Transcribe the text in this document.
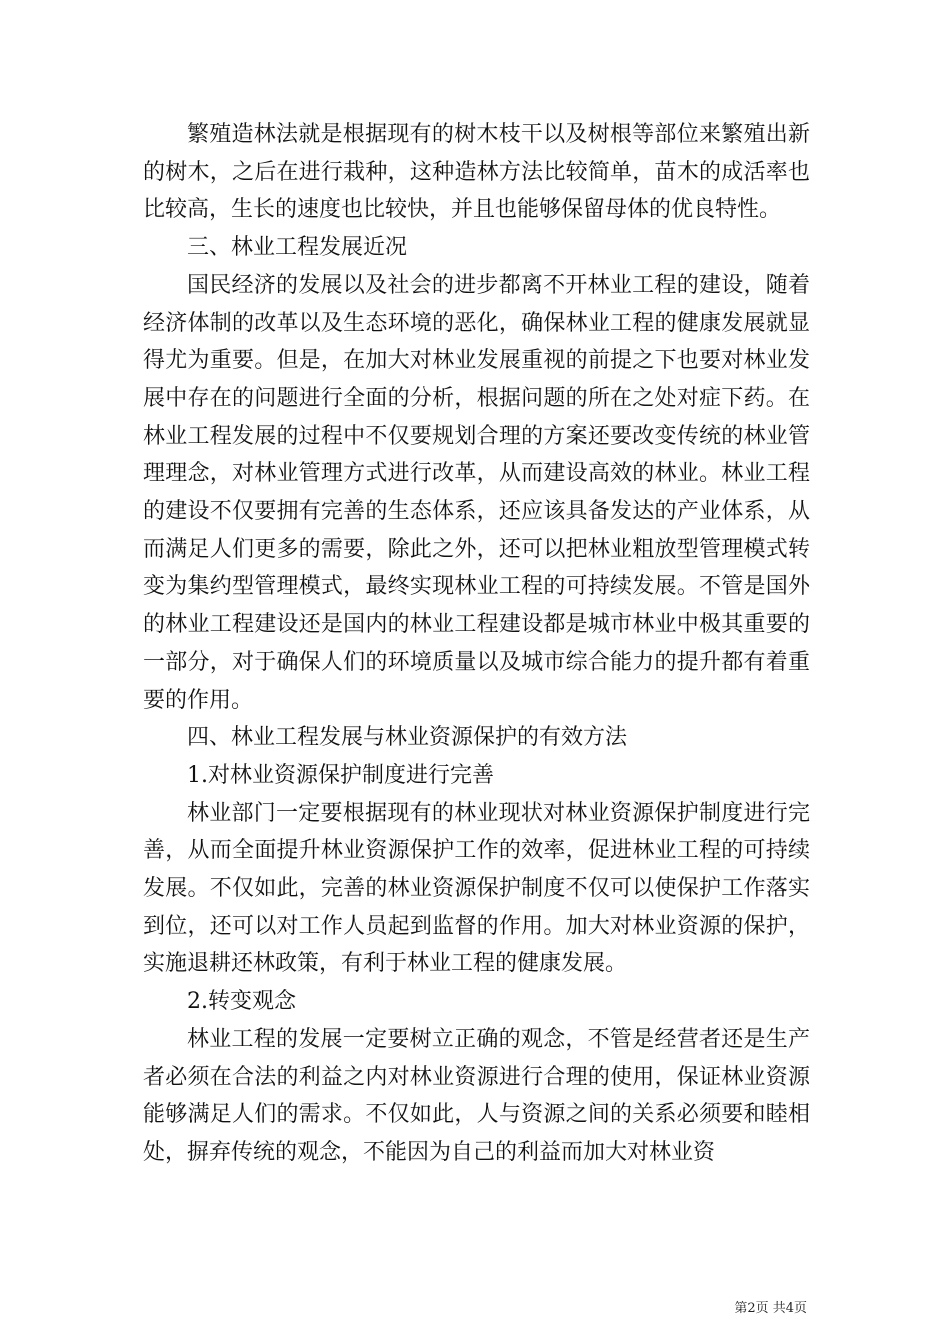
繁殖造林法就是根据现有的树木枝干以及树根等部位来繁殖出新的树木，之后在进行栽种，这种造林方法比较简单，苗木的成活率也比较高，生长的速度也比较快，并且也能够保留母体的优良特性。

三、林业工程发展近况

国民经济的发展以及社会的进步都离不开林业工程的建设，随着经济体制的改革以及生态环境的恶化，确保林业工程的健康发展就显得尤为重要。但是，在加大对林业发展重视的前提之下也要对林业发展中存在的问题进行全面的分析，根据问题的所在之处对症下药。在林业工程发展的过程中不仅要规划合理的方案还要改变传统的林业管理理念，对林业管理方式进行改革，从而建设高效的林业。林业工程的建设不仅要拥有完善的生态体系，还应该具备发达的产业体系，从而满足人们更多的需要，除此之外，还可以把林业粗放型管理模式转变为集约型管理模式，最终实现林业工程的可持续发展。不管是国外的林业工程建设还是国内的林业工程建设都是城市林业中极其重要的一部分，对于确保人们的环境质量以及城市综合能力的提升都有着重要的作用。

四、林业工程发展与林业资源保护的有效方法

1.对林业资源保护制度进行完善

林业部门一定要根据现有的林业现状对林业资源保护制度进行完善，从而全面提升林业资源保护工作的效率，促进林业工程的可持续发展。不仅如此，完善的林业资源保护制度不仅可以使保护工作落实到位，还可以对工作人员起到监督的作用。加大对林业资源的保护，实施退耕还林政策，有利于林业工程的健康发展。

2.转变观念

林业工程的发展一定要树立正确的观念，不管是经营者还是生产者必须在合法的利益之内对林业资源进行合理的使用，保证林业资源能够满足人们的需求。不仅如此，人与资源之间的关系必须要和睦相处，摒弃传统的观念，不能因为自己的利益而加大对林业资

第2页 共4页
